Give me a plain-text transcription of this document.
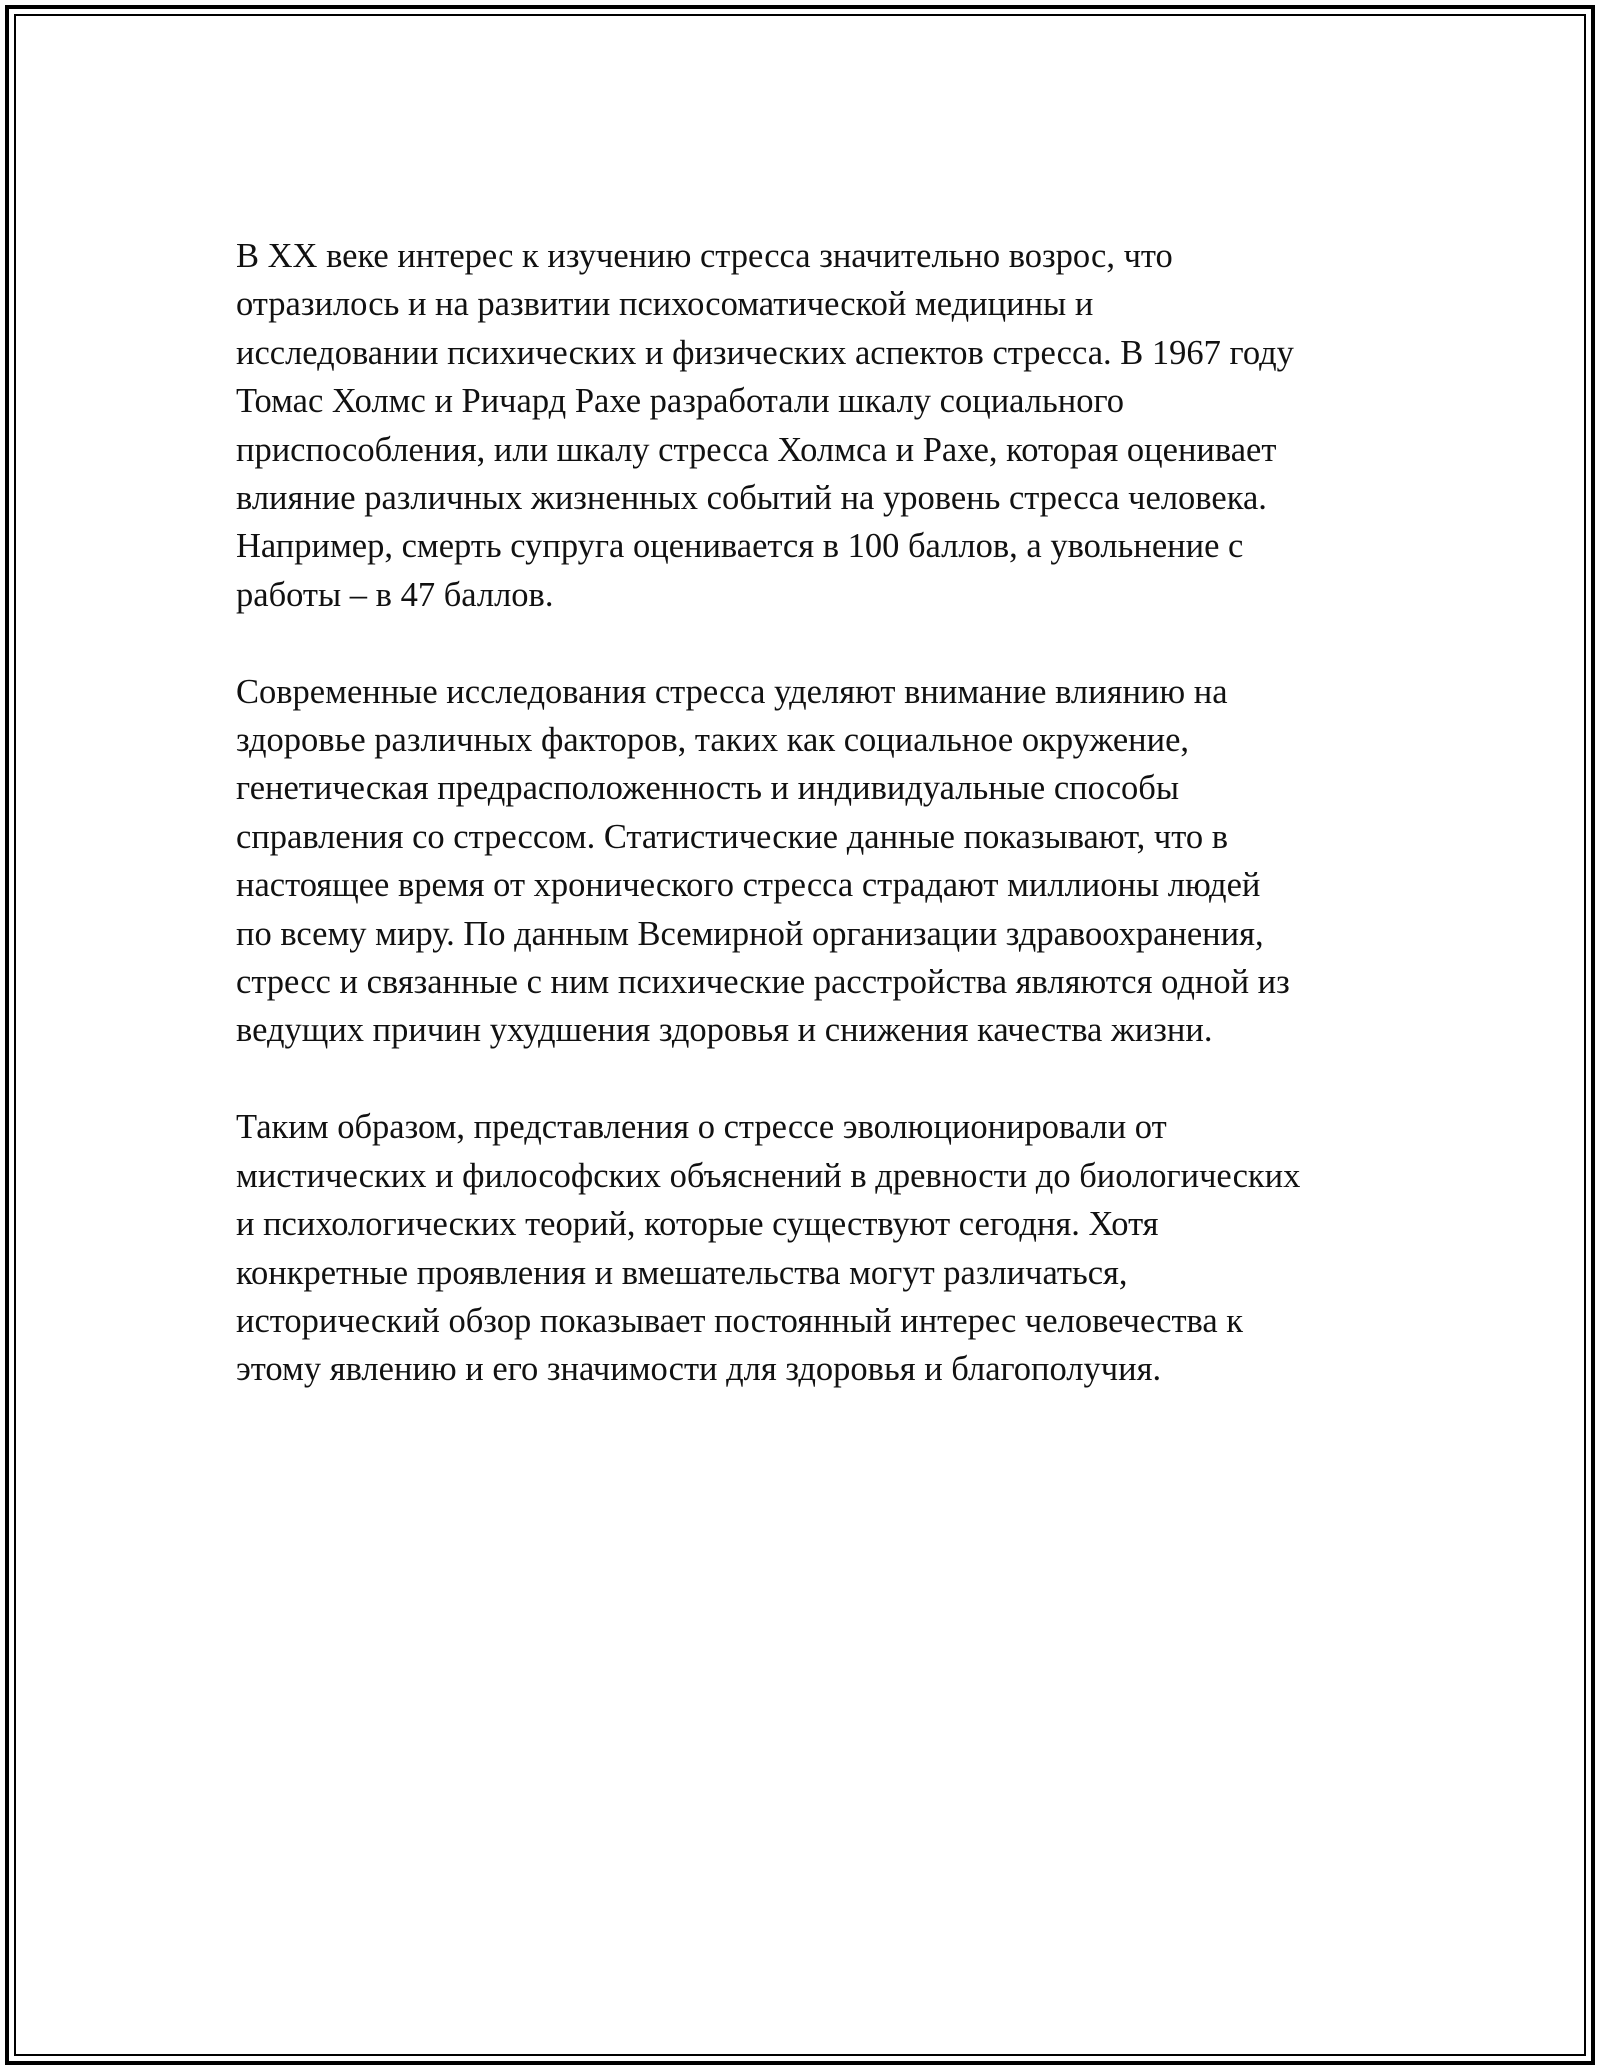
В XX веке интерес к изучению стресса значительно возрос, что
отразилось и на развитии психосоматической медицины и
исследовании психических и физических аспектов стресса. В 1967 году
Томас Холмс и Ричард Рахе разработали шкалу социального
приспособления, или шкалу стресса Холмса и Рахе, которая оценивает
влияние различных жизненных событий на уровень стресса человека.
Например, смерть супруга оценивается в 100 баллов, а увольнение с
работы – в 47 баллов.

Современные исследования стресса уделяют внимание влиянию на
здоровье различных факторов, таких как социальное окружение,
генетическая предрасположенность и индивидуальные способы
справления со стрессом. Статистические данные показывают, что в
настоящее время от хронического стресса страдают миллионы людей
по всему миру. По данным Всемирной организации здравоохранения,
стресс и связанные с ним психические расстройства являются одной из
ведущих причин ухудшения здоровья и снижения качества жизни.

Таким образом, представления о стрессе эволюционировали от
мистических и философских объяснений в древности до биологических
и психологических теорий, которые существуют сегодня. Хотя
конкретные проявления и вмешательства могут различаться,
исторический обзор показывает постоянный интерес человечества к
этому явлению и его значимости для здоровья и благополучия.
